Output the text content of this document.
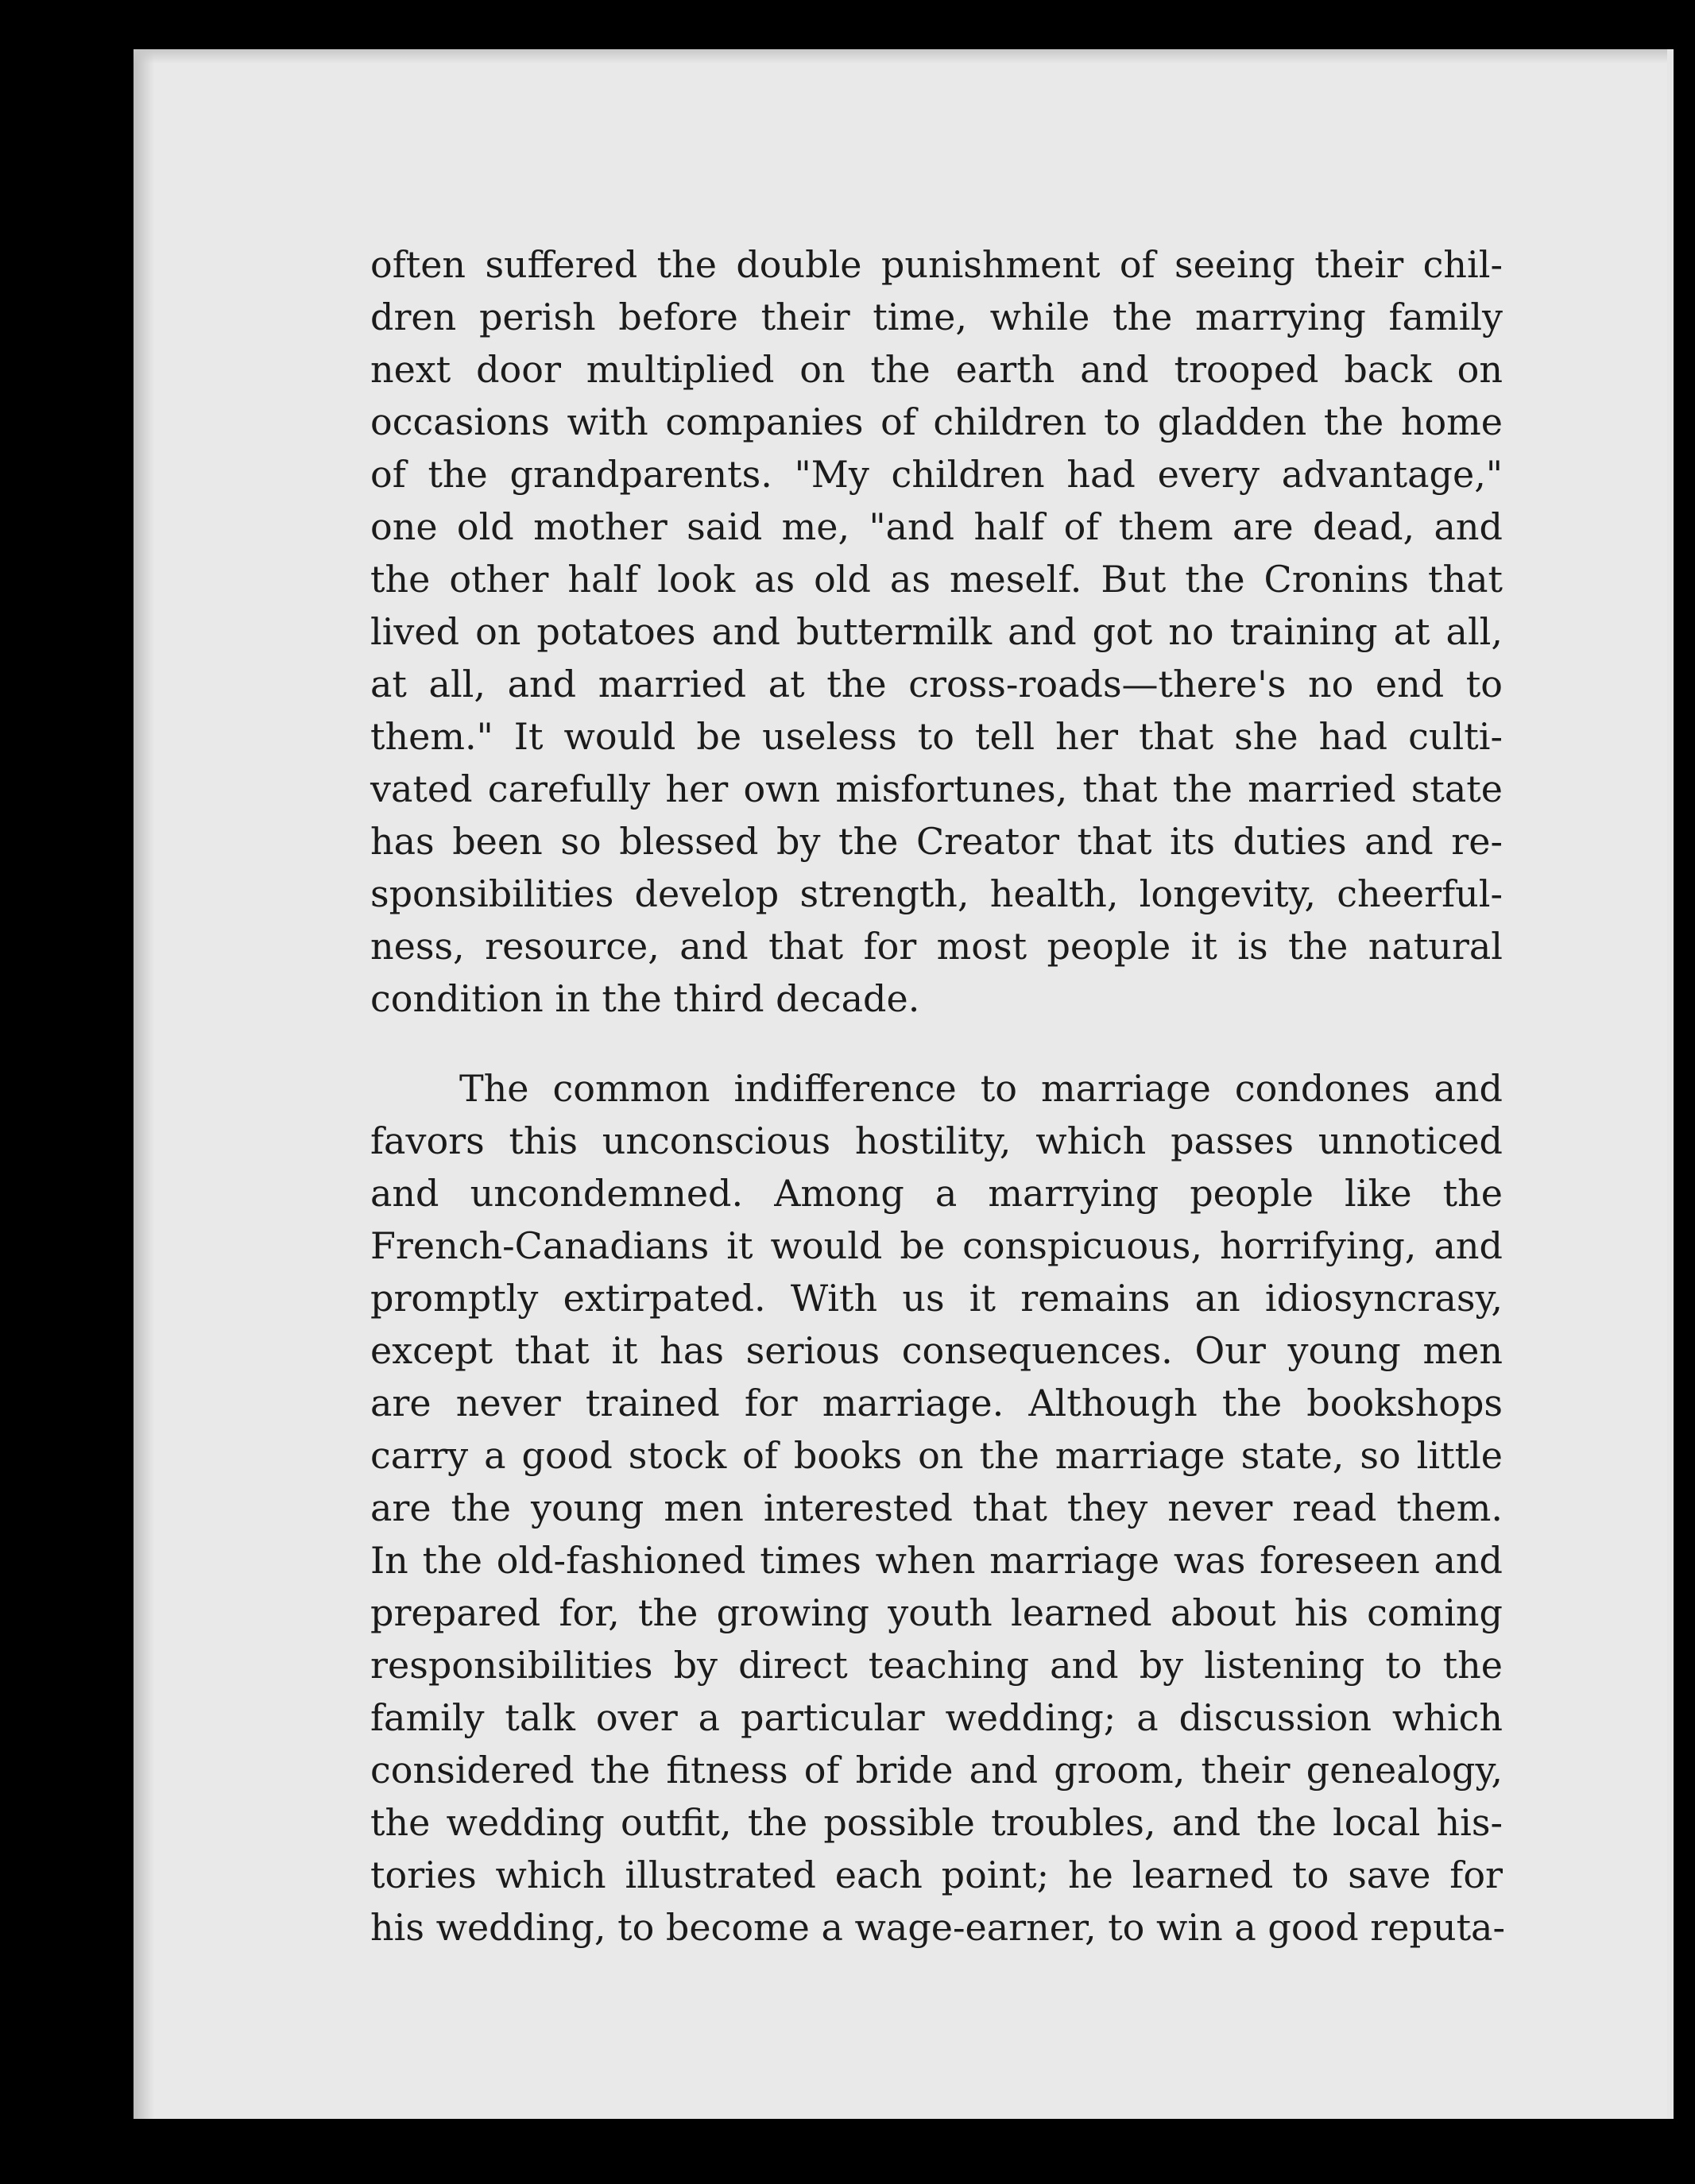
often suffered the double punishment of seeing their chil-
dren perish before their time, while the marrying family
next door multiplied on the earth and trooped back on
occasions with companies of children to gladden the home
of the grandparents. "My children had every advantage,"
one old mother said me, "and half of them are dead, and
the other half look as old as meself. But the Cronins that
lived on potatoes and buttermilk and got no training at all,
at all, and married at the cross-roads—there's no end to
them." It would be useless to tell her that she had culti-
vated carefully her own misfortunes, that the married state
has been so blessed by the Creator that its duties and re-
sponsibilities develop strength, health, longevity, cheerful-
ness, resource, and that for most people it is the natural
condition in the third decade.
The common indifference to marriage condones and
favors this unconscious hostility, which passes unnoticed
and uncondemned. Among a marrying people like the
French-Canadians it would be conspicuous, horrifying, and
promptly extirpated. With us it remains an idiosyncrasy,
except that it has serious consequences. Our young men
are never trained for marriage. Although the bookshops
carry a good stock of books on the marriage state, so little
are the young men interested that they never read them.
In the old-fashioned times when marriage was foreseen and
prepared for, the growing youth learned about his coming
responsibilities by direct teaching and by listening to the
family talk over a particular wedding; a discussion which
considered the fitness of bride and groom, their genealogy,
the wedding outfit, the possible troubles, and the local his-
tories which illustrated each point; he learned to save for
his wedding, to become a wage-earner, to win a good reputa-
